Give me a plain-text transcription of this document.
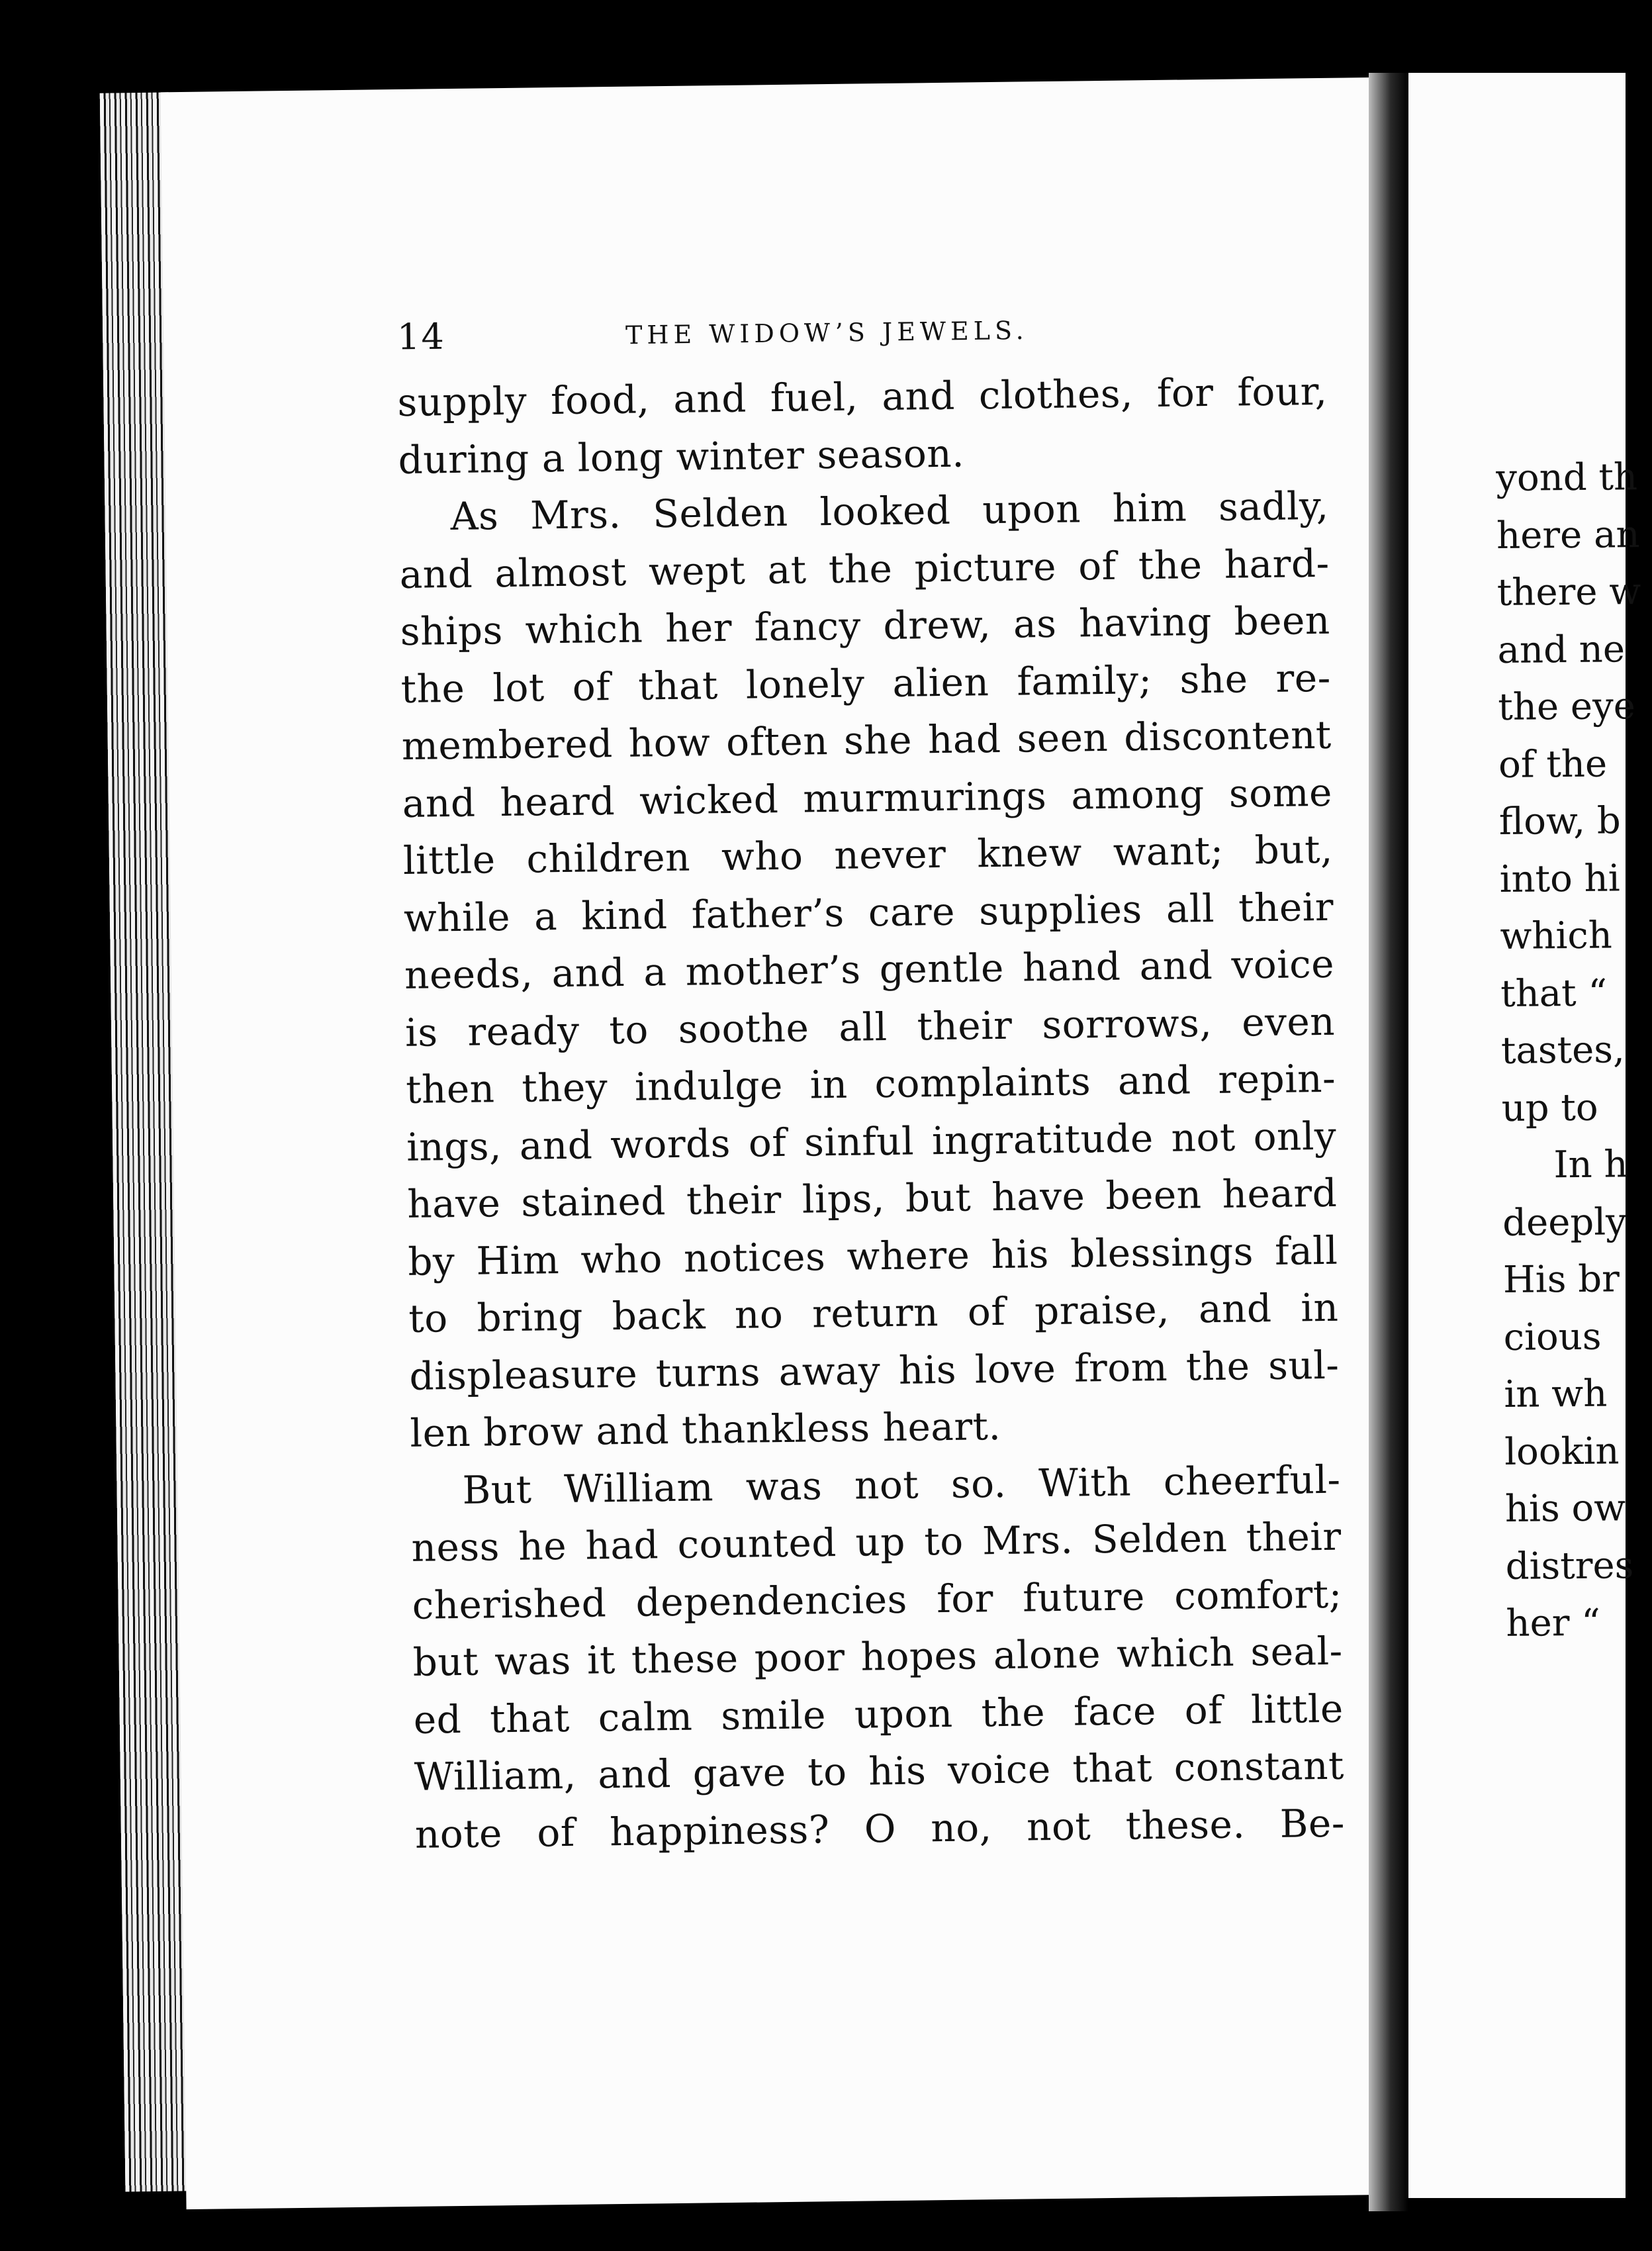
yond th
here an
there w
and ne
the eye
of the
flow, b
into hi
which
that “
tastes,
up to
In h
deeply
His br
cious
in wh
lookin
his ow
distres
her “
14	THE WIDOW’S JEWELS.
supply food, and fuel, and clothes, for four,
during a long winter season.
As Mrs. Selden looked upon him sadly,
and almost wept at the picture of the hard-
ships which her fancy drew, as having been
the lot of that lonely alien family; she re-
membered how often she had seen discontent
and heard wicked murmurings among some
little children who never knew want; but,
while a kind father’s care supplies all their
needs, and a mother’s gentle hand and voice
is ready to soothe all their sorrows, even
then they indulge in complaints and repin-
ings, and words of sinful ingratitude not only
have stained their lips, but have been heard
by Him who notices where his blessings fall
to bring back no return of praise, and in
displeasure turns away his love from the sul-
len brow and thankless heart.
But William was not so. With cheerful-
ness he had counted up to Mrs. Selden their
cherished dependencies for future comfort;
but was it these poor hopes alone which seal-
ed that calm smile upon the face of little
William, and gave to his voice that constant
note of happiness? O no, not these. Be-
